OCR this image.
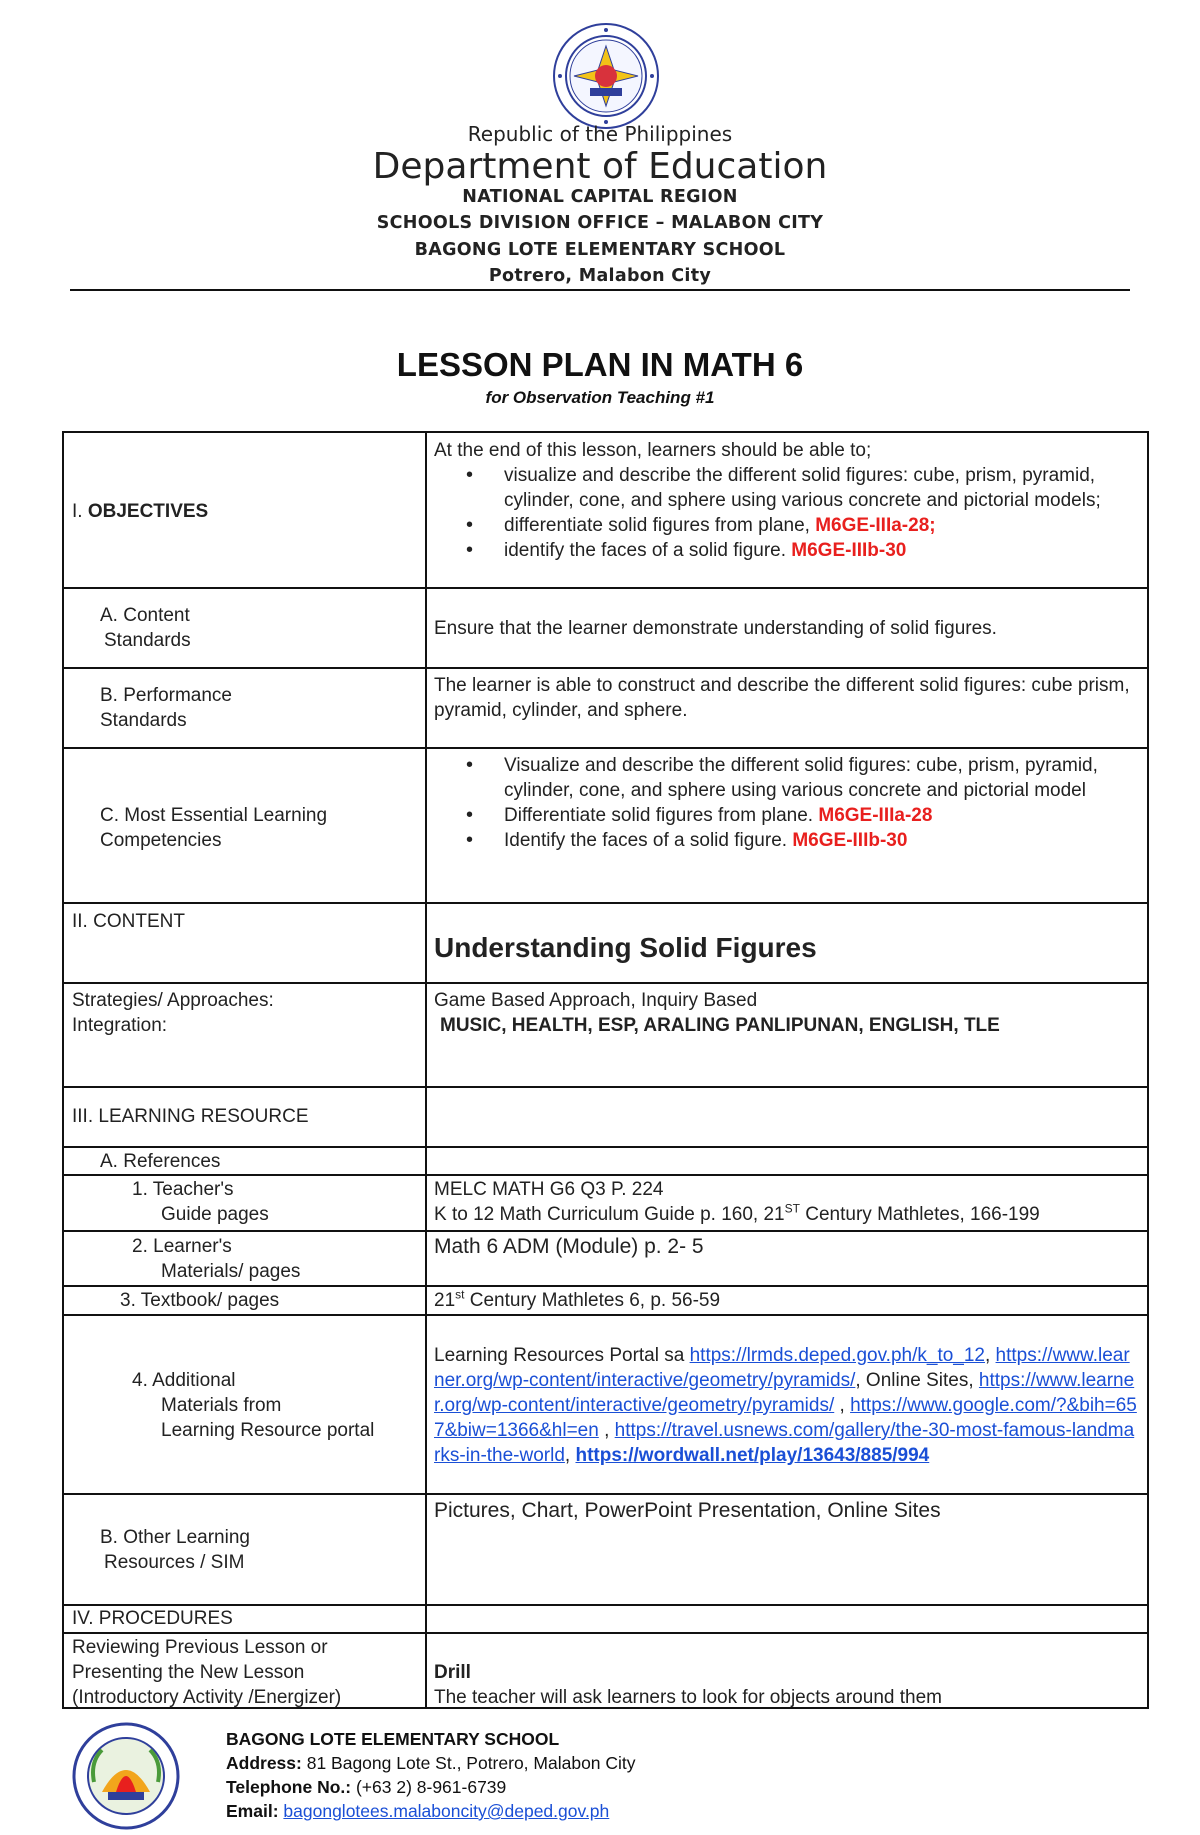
Republic of the Philippines
Department of Education
NATIONAL CAPITAL REGION
SCHOOLS DIVISION OFFICE – MALABON CITY
BAGONG LOTE ELEMENTARY SCHOOL
Potrero, Malabon City
LESSON PLAN IN MATH 6
for Observation Teaching #1
I. OBJECTIVES
At the end of this lesson, learners should be able to;
• visualize and describe the different solid figures: cube, prism, pyramid, cylinder, cone, and sphere using various concrete and pictorial models;
• differentiate solid figures from plane, M6GE-IIIa-28;
• identify the faces of a solid figure. M6GE-IIIb-30
A. Content
Standards
Ensure that the learner demonstrate understanding of solid figures.
B. Performance
Standards
The learner is able to construct and describe the different solid figures: cube prism, pyramid, cylinder, and sphere.
C. Most Essential Learning
Competencies
• Visualize and describe the different solid figures: cube, prism, pyramid, cylinder, cone, and sphere using various concrete and pictorial model
• Differentiate solid figures from plane. M6GE-IIIa-28
• Identify the faces of a solid figure. M6GE-IIIb-30
II. CONTENT
Understanding Solid Figures
Strategies/ Approaches:
Integration:
Game Based Approach, Inquiry Based
MUSIC, HEALTH, ESP, ARALING PANLIPUNAN, ENGLISH, TLE
III. LEARNING RESOURCE
A. References
1. Teacher's
Guide pages
MELC MATH G6 Q3 P. 224
K to 12 Math Curriculum Guide p. 160, 21ST Century Mathletes, 166-199
2. Learner's
Materials/ pages
Math 6 ADM (Module) p. 2- 5
3. Textbook/ pages	21st Century Mathletes 6, p. 56-59
4. Additional
Materials from
Learning Resource portal
Learning Resources Portal sa https://lrmds.deped.gov.ph/k_to_12, https://www.learner.org/wp-content/interactive/geometry/pyramids/, Online Sites, https://www.learner.org/wp-content/interactive/geometry/pyramids/ , https://www.google.com/?&bih=657&biw=1366&hl=en , https://travel.usnews.com/gallery/the-30-most-famous-landmarks-in-the-world, https://wordwall.net/play/13643/885/994
B. Other Learning
Resources / SIM
Pictures, Chart, PowerPoint Presentation, Online Sites
IV. PROCEDURES
Reviewing Previous Lesson or
Presenting the New Lesson
(Introductory Activity /Energizer)
Drill
The teacher will ask learners to look for objects around them
BAGONG LOTE ELEMENTARY SCHOOL
Address: 81 Bagong Lote St., Potrero, Malabon City
Telephone No.: (+63 2) 8-961-6739
Email: bagonglotees.malaboncity@deped.gov.ph
